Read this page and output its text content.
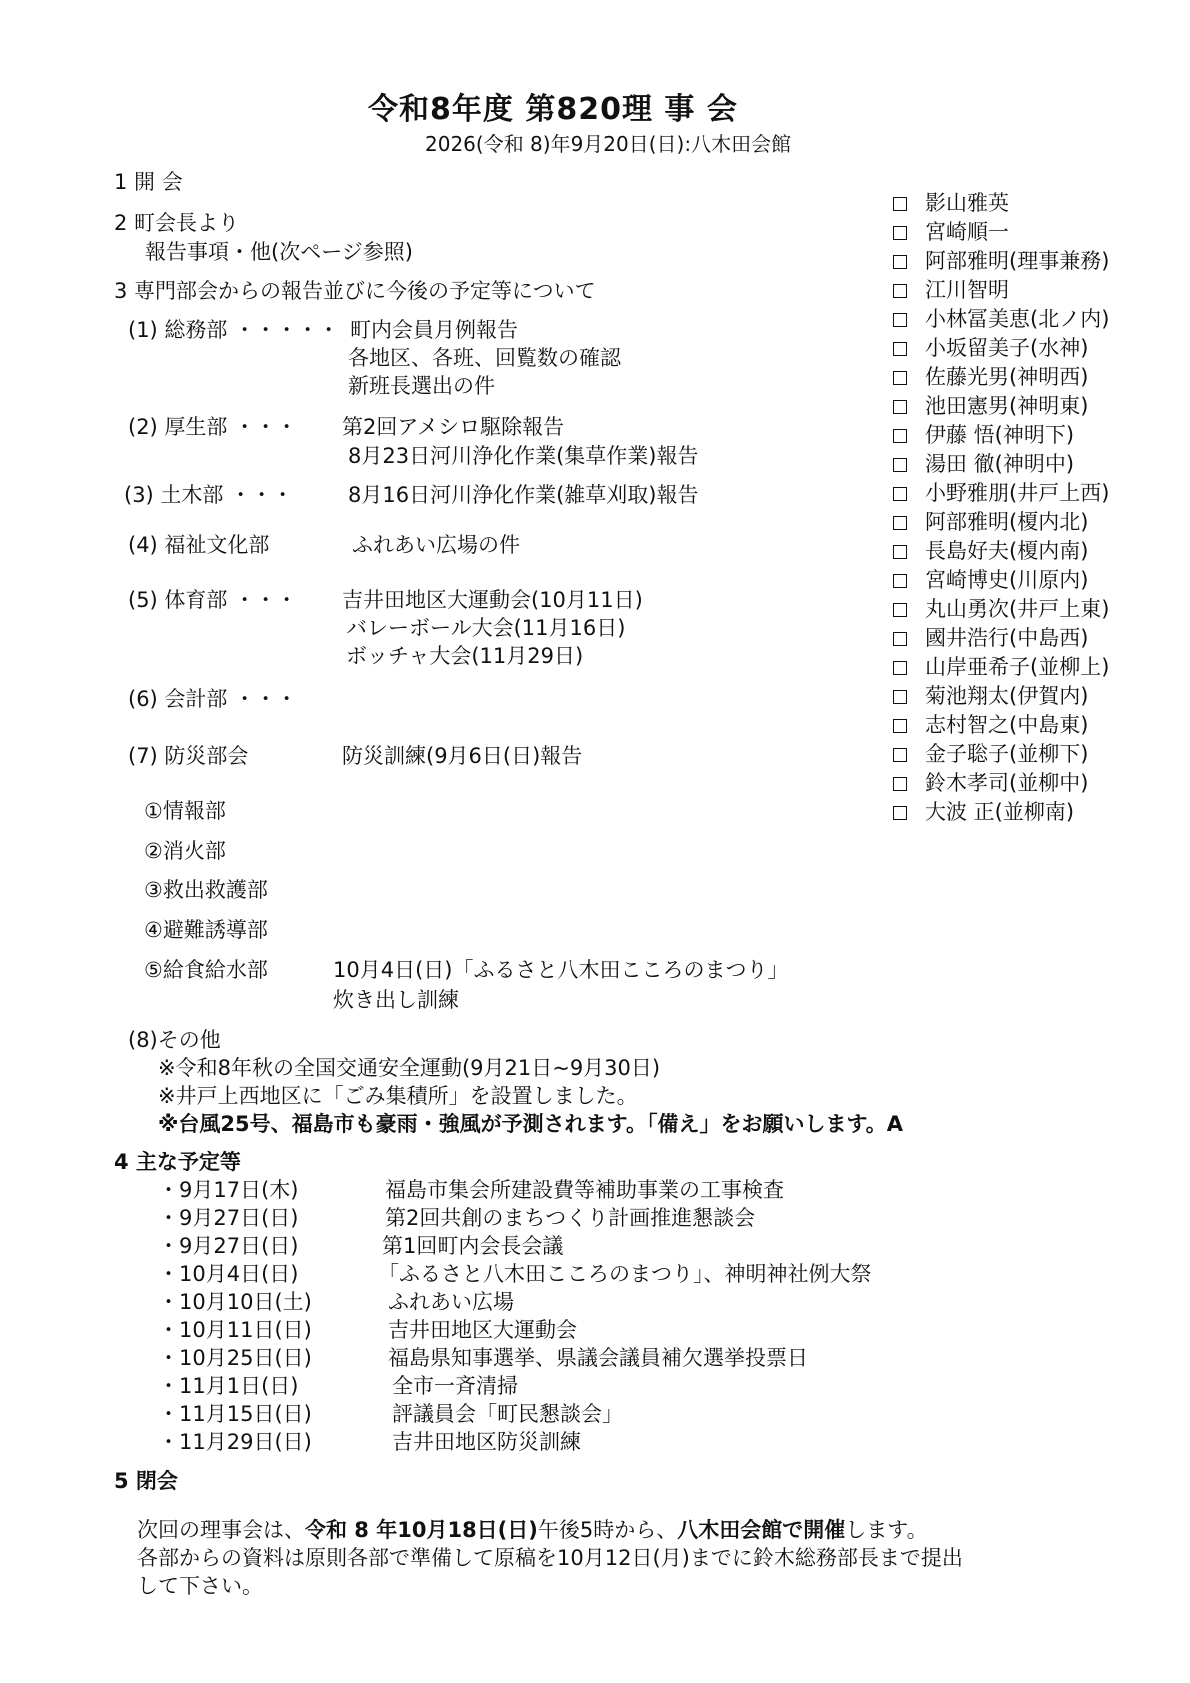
令和8年度 第820理 事 会
2026(令和 8)年9月20日(日):八木田会館
1 開 会
2 町会長より
報告事項・他(次ページ参照)
3 専門部会からの報告並びに今後の予定等について
(1) 総務部 ・・・・・ 町内会員月例報告
各地区、各班、回覧数の確認
新班長選出の件
(2) 厚生部 ・・・ 第2回アメシロ駆除報告
8月23日河川浄化作業(集草作業)報告
(3) 土木部 ・・・	8月16日河川浄化作業(雑草刈取)報告
(4) 福祉文化部	ふれあい広場の件
(5) 体育部 ・・・ 吉井田地区大運動会(10月11日)
バレーボール大会(11月16日)
ボッチャ大会(11月29日)
(6) 会計部 ・・・
(7) 防災部会	防災訓練(9月6日(日)報告
①情報部
②消火部
③救出救護部
④避難誘導部
⑤給食給水部	10月4日(日)「ふるさと八木田こころのまつり」
炊き出し訓練
(8)その他
※令和8年秋の全国交通安全運動(9月21日~9月30日)
※井戸上西地区に「ごみ集積所」を設置しました。
※台風25号、福島市も豪雨・強風が予測されます。「備え」をお願いします。A
4 主な予定等
・9月17日(木)	福島市集会所建設費等補助事業の工事検査
・9月27日(日)	第2回共創のまちつくり計画推進懇談会
・9月27日(日)	第1回町内会長会議
・10月4日(日)	「ふるさと八木田こころのまつり」、神明神社例大祭
・10月10日(土)	ふれあい広場
・10月11日(日)	吉井田地区大運動会
・10月25日(日)	福島県知事選挙、県議会議員補欠選挙投票日
・11月1日(日)	全市一斉清掃
・11月15日(日)	評議員会「町民懇談会」
・11月29日(日)	吉井田地区防災訓練
5 閉会
次回の理事会は、令和 8 年10月18日(日)午後5時から、八木田会館で開催します。
各部からの資料は原則各部で準備して原稿を10月12日(月)までに鈴木総務部長まで提出
して下さい。
影山雅英
宮崎順一
阿部雅明(理事兼務)
江川智明
小林冨美恵(北ノ内)
小坂留美子(水神)
佐藤光男(神明西)
池田憲男(神明東)
伊藤 悟(神明下)
湯田 徹(神明中)
小野雅朋(井戸上西)
阿部雅明(榎内北)
長島好夫(榎内南)
宮崎博史(川原内)
丸山勇次(井戸上東)
國井浩行(中島西)
山岸亜希子(並柳上)
菊池翔太(伊賀内)
志村智之(中島東)
金子聡子(並柳下)
鈴木孝司(並柳中)
大波 正(並柳南)
